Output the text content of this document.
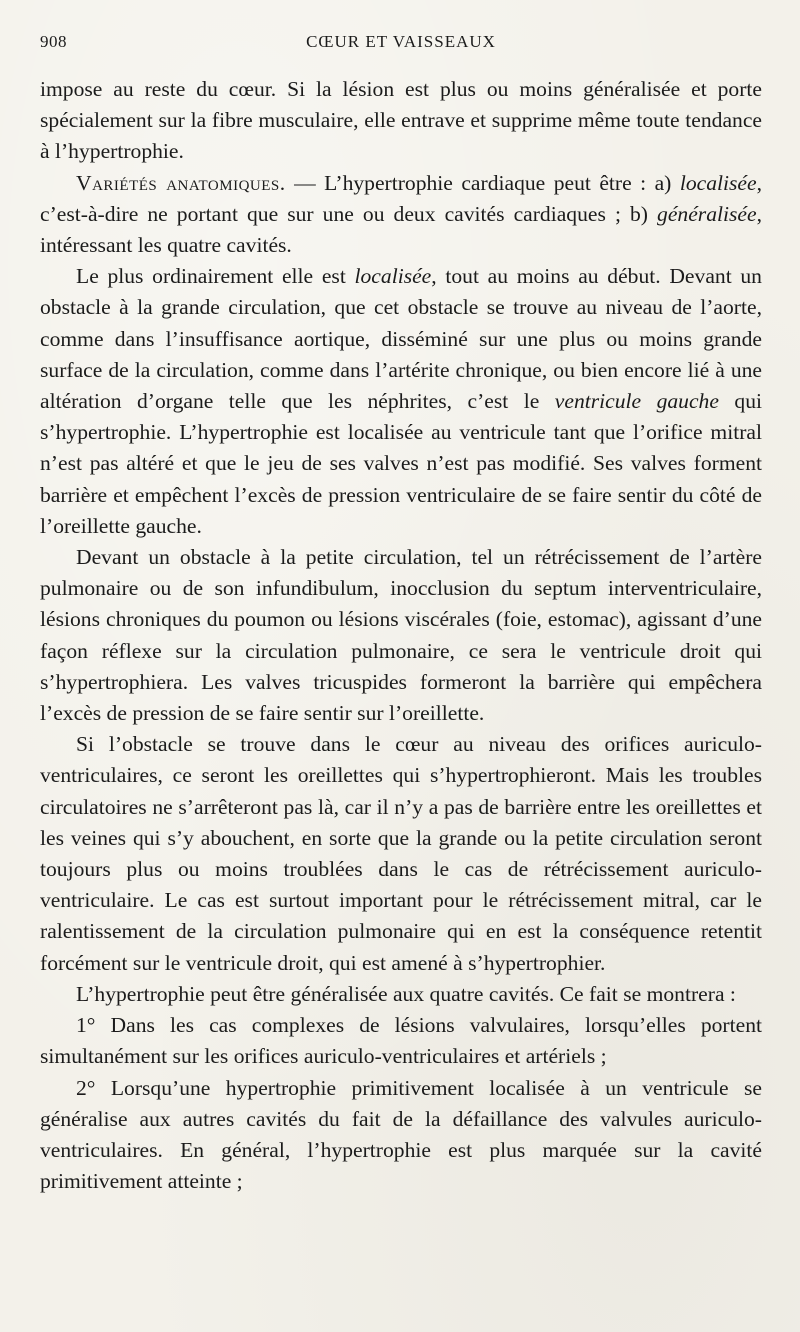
908	CŒUR ET VAISSEAUX

impose au reste du cœur. Si la lésion est plus ou moins généralisée et porte spécialement sur la fibre musculaire, elle entrave et supprime même toute tendance à l’hypertrophie.

Variétés anatomiques. — L’hypertrophie cardiaque peut être : a) localisée, c’est-à-dire ne portant que sur une ou deux cavités cardiaques ; b) généralisée, intéressant les quatre cavités.

Le plus ordinairement elle est localisée, tout au moins au début. Devant un obstacle à la grande circulation, que cet obstacle se trouve au niveau de l’aorte, comme dans l’insuffisance aortique, disséminé sur une plus ou moins grande surface de la circulation, comme dans l’artérite chronique, ou bien encore lié à une altération d’organe telle que les néphrites, c’est le ventricule gauche qui s’hypertrophie. L’hypertrophie est localisée au ventricule tant que l’orifice mitral n’est pas altéré et que le jeu de ses valves n’est pas modifié. Ses valves forment barrière et empêchent l’excès de pression ventriculaire de se faire sentir du côté de l’oreillette gauche.

Devant un obstacle à la petite circulation, tel un rétrécissement de l’artère pulmonaire ou de son infundibulum, inocclusion du septum interventriculaire, lésions chroniques du poumon ou lésions viscérales (foie, estomac), agissant d’une façon réflexe sur la circulation pulmonaire, ce sera le ventricule droit qui s’hypertrophiera. Les valves tricuspides formeront la barrière qui empêchera l’excès de pression de se faire sentir sur l’oreillette.

Si l’obstacle se trouve dans le cœur au niveau des orifices auriculo-ventriculaires, ce seront les oreillettes qui s’hypertrophieront. Mais les troubles circulatoires ne s’arrêteront pas là, car il n’y a pas de barrière entre les oreillettes et les veines qui s’y abouchent, en sorte que la grande ou la petite circulation seront toujours plus ou moins troublées dans le cas de rétrécissement auriculo-ventriculaire. Le cas est surtout important pour le rétrécissement mitral, car le ralentissement de la circulation pulmonaire qui en est la conséquence retentit forcément sur le ventricule droit, qui est amené à s’hypertrophier.

L’hypertrophie peut être généralisée aux quatre cavités. Ce fait se montrera :

1° Dans les cas complexes de lésions valvulaires, lorsqu’elles portent simultanément sur les orifices auriculo-ventriculaires et artériels ;

2° Lorsqu’une hypertrophie primitivement localisée à un ventricule se généralise aux autres cavités du fait de la défaillance des valvules auriculo-ventriculaires. En général, l’hypertrophie est plus marquée sur la cavité primitivement atteinte ;
